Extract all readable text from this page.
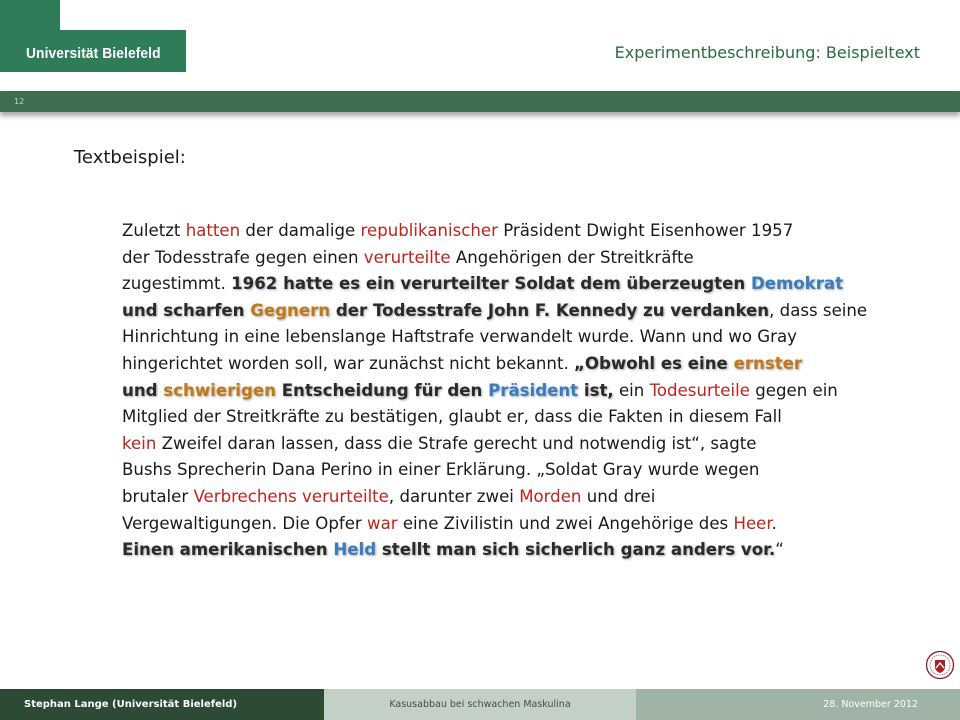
Universität Bielefeld	Experimentbeschreibung: Beispieltext
12
Textbeispiel:
Zuletzt hatten der damalige republikanischer Präsident Dwight Eisenhower 1957
der Todesstrafe gegen einen verurteilte Angehörigen der Streitkräfte
zugestimmt. 1962 hatte es ein verurteilter Soldat dem überzeugten Demokrat
und scharfen Gegnern der Todesstrafe John F. Kennedy zu verdanken, dass seine
Hinrichtung in eine lebenslange Haftstrafe verwandelt wurde. Wann und wo Gray
hingerichtet worden soll, war zunächst nicht bekannt. „Obwohl es eine ernster
und schwierigen Entscheidung für den Präsident ist, ein Todesurteile gegen ein
Mitglied der Streitkräfte zu bestätigen, glaubt er, dass die Fakten in diesem Fall
kein Zweifel daran lassen, dass die Strafe gerecht und notwendig ist“, sagte
Bushs Sprecherin Dana Perino in einer Erklärung. „Soldat Gray wurde wegen
brutaler Verbrechens verurteilte, darunter zwei Morden und drei
Vergewaltigungen. Die Opfer war eine Zivilistin und zwei Angehörige des Heer.
Einen amerikanischen Held stellt man sich sicherlich ganz anders vor.“
Stephan Lange (Universität Bielefeld)	Kasusabbau bei schwachen Maskulina	28. November 2012
